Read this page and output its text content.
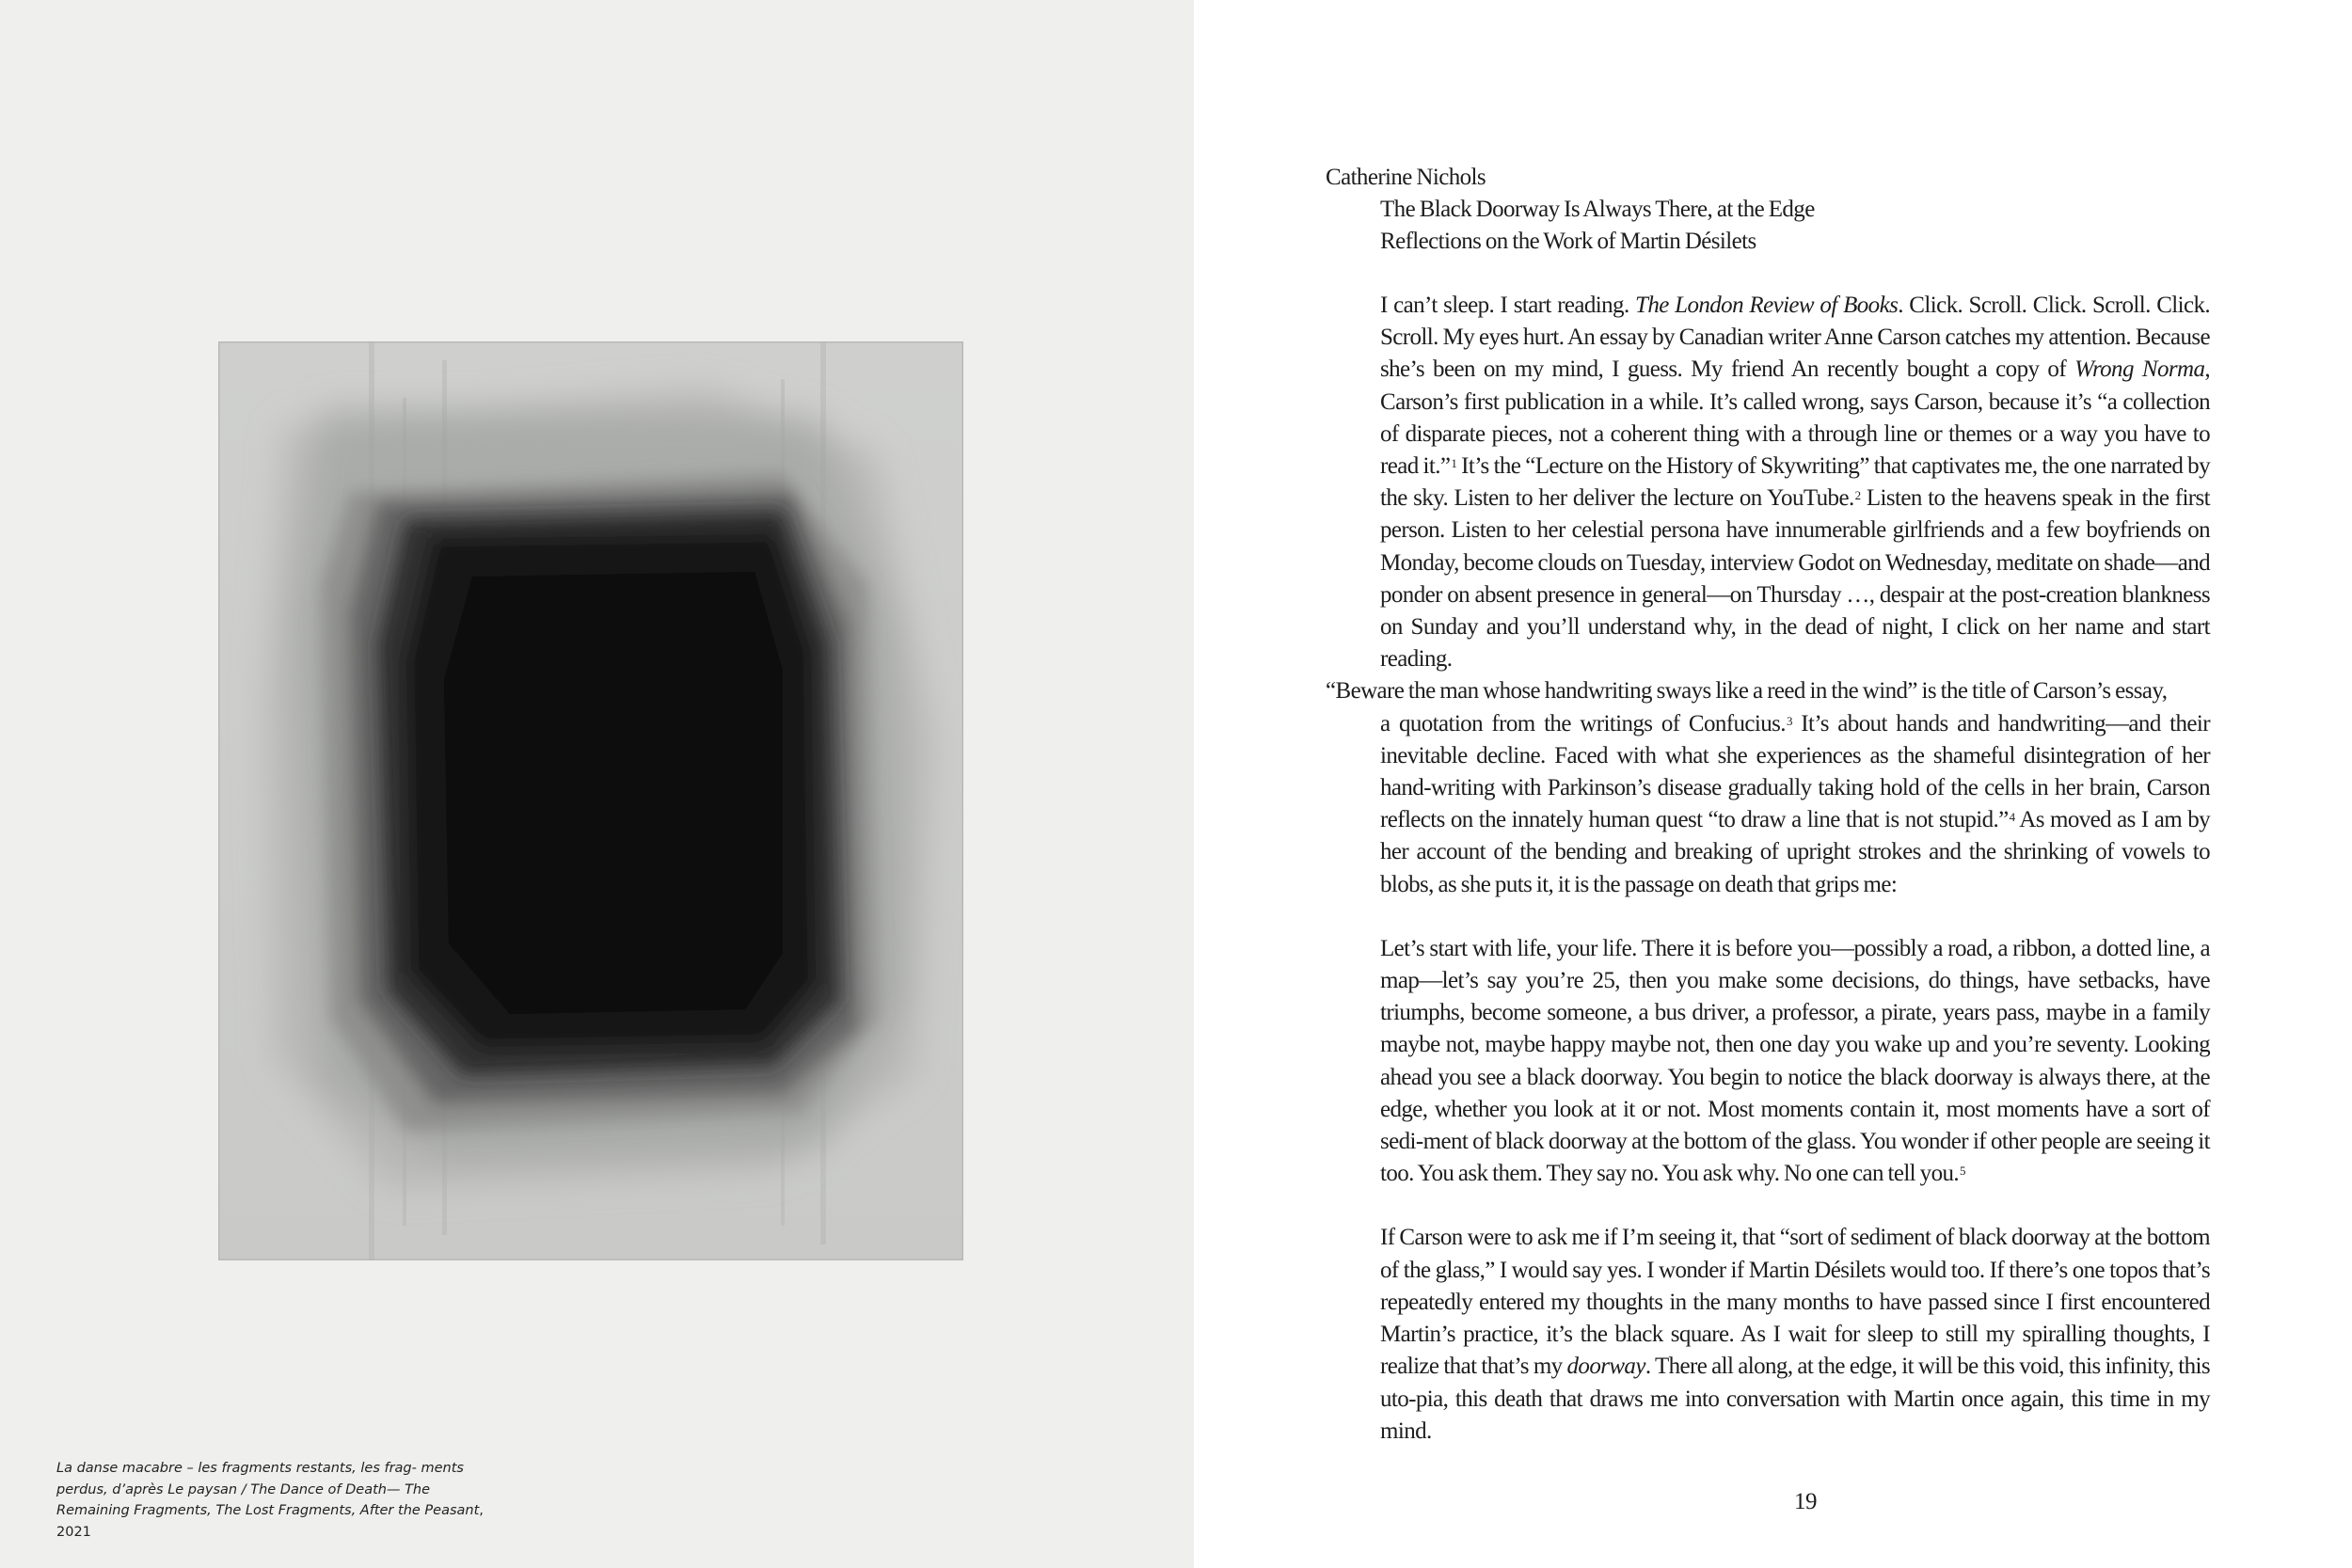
La danse macabre – les fragments restants, les frag- ments perdus, d’après Le paysan / The Dance of Death— The Remaining Fragments, The Lost Fragments, After the Peasant, 2021
Catherine Nichols
The Black Doorway Is Always There, at the Edge
Reflections on the Work of Martin Désilets

I can’t sleep. I start reading. The London Review of Books. Click. Scroll. Click. Scroll. Click. Scroll. My eyes hurt. An essay by Canadian writer Anne Carson catches my attention. Because she’s been on my mind, I guess. My friend An recently bought a copy of Wrong Norma, Carson’s first publication in a while. It’s called wrong, says Carson, because it’s “a collection of disparate pieces, not a coherent thing with a through line or themes or a way you have to read it.”$^1$ It’s the “Lecture on the History of Skywriting” that captivates me, the one narrated by the sky. Listen to her deliver the lecture on YouTube.$^2$ Listen to the heavens speak in the first person. Listen to her celestial persona have innumerable girlfriends and a few boyfriends on Monday, become clouds on Tuesday, interview Godot on Wednesday, meditate on shade—and ponder on absent presence in general—on Thursday …, despair at the post-creation blankness on Sunday and you’ll understand why, in the dead of night, I click on her name and start reading.

“Beware the man whose handwriting sways like a reed in the wind” is the title of Carson’s essay,
a quotation from the writings of Confucius.$^3$ It’s about hands and handwriting—and their inevitable decline. Faced with what she experiences as the shameful disintegration of her hand-writing with Parkinson’s disease gradually taking hold of the cells in her brain, Carson reflects on the innately human quest “to draw a line that is not stupid.”$^4$ As moved as I am by her account of the bending and breaking of upright strokes and the shrinking of vowels to blobs, as she puts it, it is the passage on death that grips me:

Let’s start with life, your life. There it is before you—possibly a road, a ribbon, a dotted line, a map—let’s say you’re 25, then you make some decisions, do things, have setbacks, have triumphs, become someone, a bus driver, a professor, a pirate, years pass, maybe in a family maybe not, maybe happy maybe not, then one day you wake up and you’re seventy. Looking ahead you see a black doorway. You begin to notice the black doorway is always there, at the edge, whether you look at it or not. Most moments contain it, most moments have a sort of sedi-ment of black doorway at the bottom of the glass. You wonder if other people are seeing it too. You ask them. They say no. You ask why. No one can tell you.$^5$

If Carson were to ask me if I’m seeing it, that “sort of sediment of black doorway at the bottom of the glass,” I would say yes. I wonder if Martin Désilets would too. If there’s one topos that’s repeatedly entered my thoughts in the many months to have passed since I first encountered Martin’s practice, it’s the black square. As I wait for sleep to still my spiralling thoughts, I realize that that’s my doorway. There all along, at the edge, it will be this void, this infinity, this uto-pia, this death that draws me into conversation with Martin once again, this time in my mind.

19
